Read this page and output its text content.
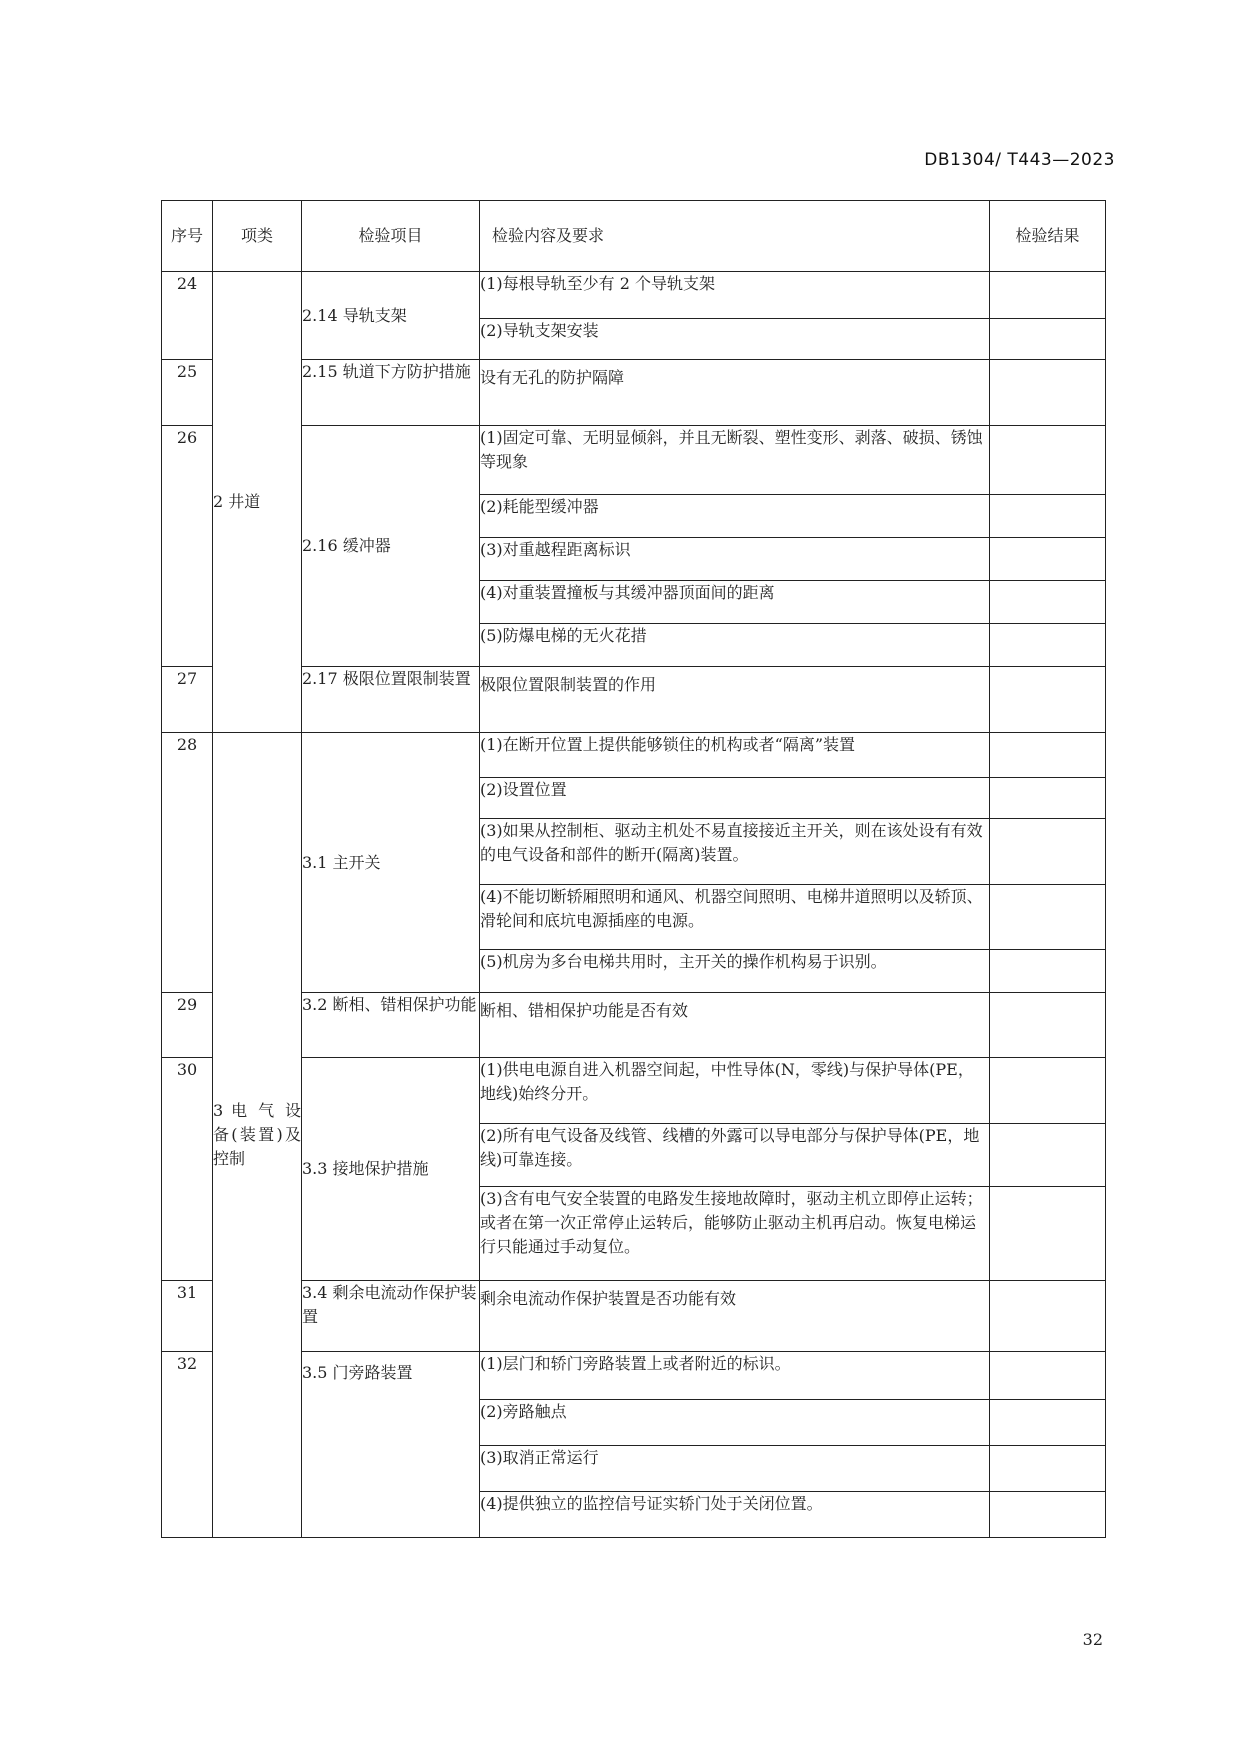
DB1304/ T443—2023
序号	项类	检验项目	检验内容及要求	检验结果
24	2 井道	2.14 导轨支架	(1)每根导轨至少有 2 个导轨支架	
			(2)导轨支架安装	
25		2.15 轨道下方防护措施	设有无孔的防护隔障	
26		2.16 缓冲器	(1)固定可靠、无明显倾斜，并且无断裂、塑性变形、剥落、破损、锈蚀等现象	
			(2)耗能型缓冲器	
			(3)对重越程距离标识	
			(4)对重装置撞板与其缓冲器顶面间的距离	
			(5)防爆电梯的无火花措	
27		2.17 极限位置限制装置	极限位置限制装置的作用	
28	3 电 气 设备(装置)及控制	3.1 主开关	(1)在断开位置上提供能够锁住的机构或者“隔离”装置	
			(2)设置位置	
			(3)如果从控制柜、驱动主机处不易直接接近主开关，则在该处设有有效的电气设备和部件的断开(隔离)装置。	
			(4)不能切断轿厢照明和通风、机器空间照明、电梯井道照明以及轿顶、滑轮间和底坑电源插座的电源。	
			(5)机房为多台电梯共用时，主开关的操作机构易于识别。	
29		3.2 断相、错相保护功能	断相、错相保护功能是否有效	
30		3.3 接地保护措施	(1)供电电源自进入机器空间起，中性导体(N，零线)与保护导体(PE，地线)始终分开。	
			(2)所有电气设备及线管、线槽的外露可以导电部分与保护导体(PE，地线)可靠连接。	
			(3)含有电气安全装置的电路发生接地故障时，驱动主机立即停止运转；或者在第一次正常停止运转后，能够防止驱动主机再启动。恢复电梯运行只能通过手动复位。	
31		3.4 剩余电流动作保护装置	剩余电流动作保护装置是否功能有效	
32		3.5 门旁路装置	(1)层门和轿门旁路装置上或者附近的标识。	
			(2)旁路触点	
			(3)取消正常运行	
			(4)提供独立的监控信号证实轿门处于关闭位置。	
32
